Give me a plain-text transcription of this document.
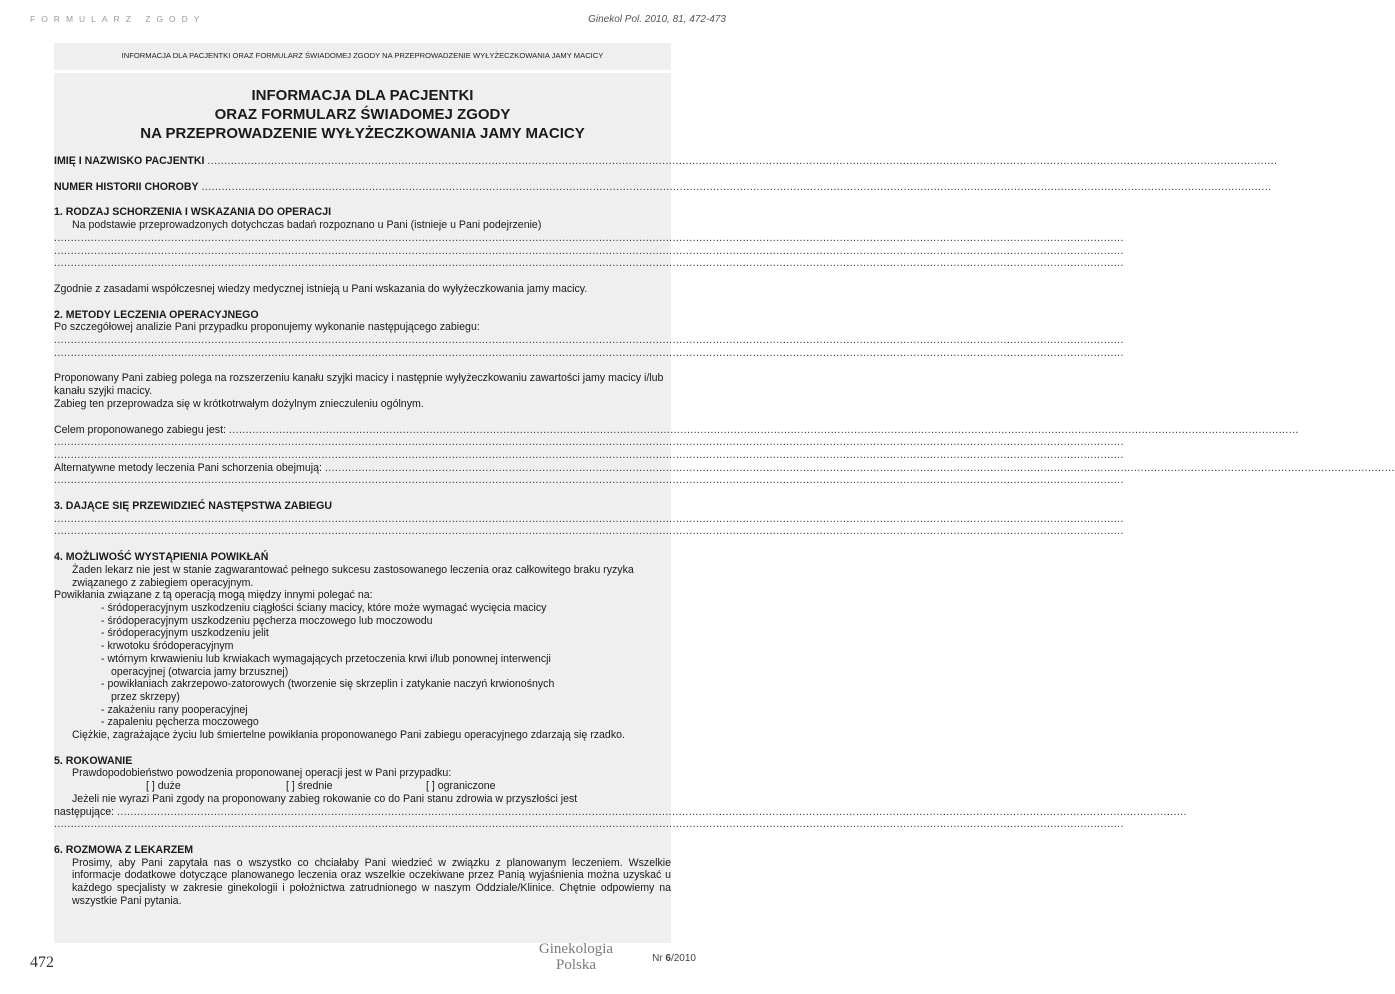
FORMULARZ ZGODY	Ginekol Pol. 2010, 81, 472-473
INFORMACJA DLA PACJENTKI ORAZ FORMULARZ ŚWIADOMEJ ZGODY NA PRZEPROWADZENIE WYŁYŻECZKOWANIA JAMY MACICY
INFORMACJA DLA PACJENTKI
ORAZ FORMULARZ ŚWIADOMEJ ZGODY
NA PRZEPROWADZENIE WYŁYŻECZKOWANIA JAMY MACICY

IMIĘ I NAZWISKO PACJENTKI
................................................................................................................................................................................................................................................................................................................................

NUMER HISTORII CHOROBY
................................................................................................................................................................................................................................................................................................................................

1. RODZAJ SCHORZENIA I WSKAZANIA DO OPERACJI

Na podstawie przeprowadzonych dotychczas badań rozpoznano u Pani (istnieje u Pani podejrzenie)

................................................................................................................................................................................................................................................................................................................................
................................................................................................................................................................................................................................................................................................................................
................................................................................................................................................................................................................................................................................................................................

Zgodnie z zasadami współczesnej wiedzy medycznej istnieją u Pani wskazania do wyłyżeczkowania jamy macicy.

2. METODY LECZENIA OPERACYJNEGO

Po szczegółowej analizie Pani przypadku proponujemy wykonanie następującego zabiegu:

................................................................................................................................................................................................................................................................................................................................
................................................................................................................................................................................................................................................................................................................................

Proponowany Pani zabieg polega na rozszerzeniu kanału szyjki macicy i następnie wyłyżeczkowaniu zawartości jamy macicy i/lub kanału szyjki macicy.

Zabieg ten przeprowadza się w krótkotrwałym dożylnym znieczuleniu ogólnym.

Celem proponowanego zabiegu jest:
................................................................................................................................................................................................................................................................................................................................

................................................................................................................................................................................................................................................................................................................................
................................................................................................................................................................................................................................................................................................................................

Alternatywne metody leczenia Pani schorzenia obejmują:
................................................................................................................................................................................................................................................................................................................................

................................................................................................................................................................................................................................................................................................................................

3. DAJĄCE SIĘ PRZEWIDZIEĆ NASTĘPSTWA ZABIEGU

................................................................................................................................................................................................................................................................................................................................
................................................................................................................................................................................................................................................................................................................................

4. MOŻLIWOŚĆ WYSTĄPIENIA POWIKŁAŃ

Żaden lekarz nie jest w stanie zagwarantować pełnego sukcesu zastosowanego leczenia oraz całkowitego braku ryzyka związanego z zabiegiem operacyjnym.

Powikłania związane z tą operacją mogą między innymi polegać na:

- śródoperacyjnym uszkodzeniu ciągłości ściany macicy, które może wymagać wycięcia macicy

- śródoperacyjnym uszkodzeniu pęcherza moczowego lub moczowodu

- śródoperacyjnym uszkodzeniu jelit

- krwotoku śródoperacyjnym

- wtórnym krwawieniu lub krwiakach wymagających przetoczenia krwi i/lub ponownej interwencji

operacyjnej (otwarcia jamy brzusznej)

- powikłaniach zakrzepowo-zatorowych (tworzenie się skrzeplin i zatykanie naczyń krwionośnych

przez skrzepy)

- zakażeniu rany pooperacyjnej

- zapaleniu pęcherza moczowego

Ciężkie, zagrażające życiu lub śmiertelne powikłania proponowanego Pani zabiegu operacyjnego zdarzają się rzadko.

5. ROKOWANIE

Prawdopodobieństwo powodzenia proponowanej operacji jest w Pani przypadku:

[ ] duże	[ ] średnie	[ ] ograniczone

Jeżeli nie wyrazi Pani zgody na proponowany zabieg rokowanie co do Pani stanu zdrowia w przyszłości jest

następujące:
................................................................................................................................................................................................................................................................................................................................

................................................................................................................................................................................................................................................................................................................................

6. ROZMOWA Z LEKARZEM

Prosimy, aby Pani zapytała nas o wszystko co chciałaby Pani wiedzieć w związku z planowanym leczeniem. Wszelkie informacje dodatkowe dotyczące planowanego leczenia oraz wszelkie oczekiwane przez Panią wyjaśnienia można uzyskać u każdego specjalisty w zakresie ginekologii i położnictwa zatrudnionego w naszym Oddziale/Klinice. Chętnie odpowiemy na wszystkie Pani pytania.

472
Ginekologia
Polska	Nr 6/2010
